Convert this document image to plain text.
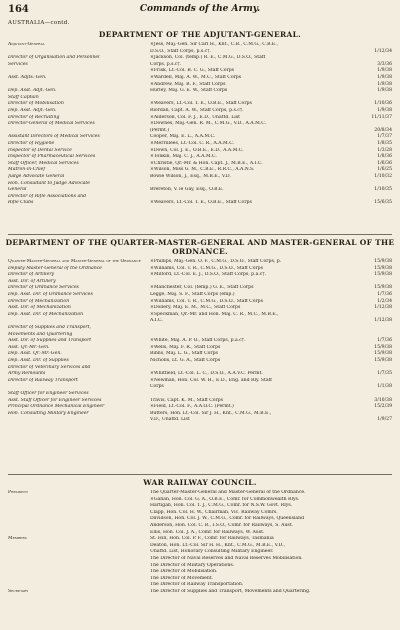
164	Commands of the Army.
AUSTRALIA—contd.
DEPARTMENT OF THE ADJUTANT-GENERAL.
Adjutant-General	⨯Jess, Maj.-Gen. Sir Carl H., Knt., C.B., C.M.G., C.B.E.,
D.S.O., Staff Corps, p.s.c†.	1/12/34
Director of Organisation and Personnel	⨯Jackson, Col. (temp.) R. E., C.M.G., D.S.O., Staff
Services	Corps, p.s.c†.	3/3/36
⨯Frisk, Lt.-Col. B. C. G., Staff Corps	1/9/38
Asst. Adjts.-Gen.	⨯Wardell, Maj. A. W., M.C., Staff Corps	1/9/38
⨯Andrew, Maj. B. F., Staff Corps	1/9/38
Dep. Asst. Adjt.-Gen.	Hurley, Maj. G. E. W., Staff Corps	1/9/38
Staff Captain
Director of Mobilisation	⨯Weavers, Lt.-Col. T. E., O.B.E., Staff Corps	1/10/36
Dep. Asst. Adjt.-Gen.	Riordan, Capt. A. W., Staff Corps, p.s.c†.	1/9/38
Director of Recruiting	⨯Alderson, Col. F. J., E.D., Unattd. List	11/11/37
Director-General of Medical Services	⨯Downes, Maj.-Gen. R. M., C.M.G., V.D., A.A.M.C.
(Permt.)	20/8/34
Assistant Directors of Medical Services	Cooper, Maj. E. L., A.A.M.C.	1/7/37
Director of Hygiene	⨯Merrillees, Lt.-Col. C. R., A.A.M.C.	1/8/35
Inspector of Dental Service	⨯Down, Col. J. E., O.B.E., E.D., A.A.M.C.	1/3/28
Inspector of Pharmaceutical Services	⨯Tonkin, Maj. C. J., A.A.M.C.	1/8/36
Staff Officer, Medical Services	⨯Christie, Qr.-Mr. & Hon. Capt. J., M.B.E., A.I.C.	1/6/36
Matron-in-Chief	⨯Wilson, Miss G. M., C.B.E., R.R.C., A.A.N.S.	1/6/25
Judge Advocate General	Bowie Wilson, J., Esq., M.B.E., V.D.	1/10/32
Hon. Consultant to Judge Advocate
General	Brereton, V. le Gay, Esq., O.B.E.	1/10/35
Director of Rifle Associations and
Rifle Clubs	⨯Weavers, Lt.-Col. T. E., O.B.E., Staff Corps	15/6/35
DEPARTMENT OF THE QUARTER-MASTER-GENERAL AND MASTER-GENERAL OF THE ORDNANCE.
Quarter-Master-General and Master-General of the Ordnance	⨯Phillips, Maj.-Gen. O. F., C.M.G., D.S.O., Staff Corps, p.	15/9/38
Deputy Master-General of the Ordnance	⨯Williams, Col. T. R., C.M.G., D.S.O., Staff Corps	15/9/38
Director of Artillery	⨯Milford, Lt.-Col. E. J., D.S.O., Staff Corps, p.a.c†.	15/9/38
Asst. Dir. of Artillery
Director of Ordnance Services	⨯Manchester, Col. (temp.) G. E., Staff Corps	15/9/38
Dep. Asst. Dir. of Ordnance Services	Legge, Maj. S. F., Staff Corps (emp.)	1/7/36
Director of Mechanization	⨯Williams, Col. T. R., C.M.G., D.S.O., Staff Corps	1/2/34
Asst. Dir. of Mechanization	⨯Dollery, Maj. E. M., M.C., Staff Corps	1/12/38
Dep. Asst. Dir. of Mechanization	⨯Speckman, Qr.-Mr. and Hon. Maj. C. R., M.C., M.B.E.,
A.I.C.	1/12/38
Director of Supplies and Transport,
Movements and Quartering
Asst. Dir. of Supplies and Transport	⨯White, Maj. A. P. O., Staff Corps, p.a.c†.	1/7/36
Asst. Qr.-Mr.-Gen.	⨯Wells, Maj. F. R., Staff Corps	15/9/38
Dep. Asst. Qr.-Mr.-Gen.	Binns, Maj. L. G., Staff Corps	15/9/38
Dep. Asst. Dir. of Supplies	Nicholls, Lt. G. A., Staff Corps	15/9/38
Director of Veterinary Services and
Army Remounts	⨯Whitfield, Lt.-Col. L. C., D.S.O., A.A.V.C. Permt.	1/7/35
Director of Railway Transport	⨯Newman, Hon. Col. W. H., E.D., Eng. and Rly. Staff
Corps	1/1/38
Staff Officer for Engineer Services
Asst. Staff Officer for Engineer Services	Travis, Capt. K. M., Staff Corps	3/10/38
Principal Ordnance Mechanical Engineer	⨯Field, Lt.-Col. F., A.A.O.C. (Permt.)	15/2/39
Hon. Consulting Military Engineer	Butters, Hon. Lt.-Col. Sir J. H., Knt., C.M.G., M.B.E.,
V.D., Unattd. List	1/9/27
WAR RAILWAY COUNCIL.
President	The Quarter-Master-General and Master-General of the Ordnance.
⨯Gahan, Hon. Col. G. A., O.B.E., Comr. for Commonwealth Rlys.
Hartigan, Hon. Col. T. J., C.M.G., Comr. for N.S.W. Govt. Rlys.
Clapp, Hon. Col. H. W., Chairman, Vic. Railway Comrs.
Davidson, Hon. Col. J. W., C.M.G., Comr. for Railways, Queensland
Anderson, Hon. Col. C. B., I.S.O., Comr. for Railways, S. Aust.
Ellis, Hon. Col. J. A., Comr. for Railways, W. Aust.
Members	St. Hill, Hon. Col. P. F., Comr. for Railways, Tasmania
Deaton, Hon. Lt.-Col. Sir H. H., Knt., C.M.G., M.B.E., V.D.,
Unattd. List, Honorary Consulting Military Engineer.
The Director of Naval Reserves and Naval Reserves Mobilisation.
The Director of Military Operations.
The Director of Mobilisation.
The Director of Movement.
The Director of Railway Transportation.
Secretary	The Director of Supplies and Transport, Movements and Quartering.
